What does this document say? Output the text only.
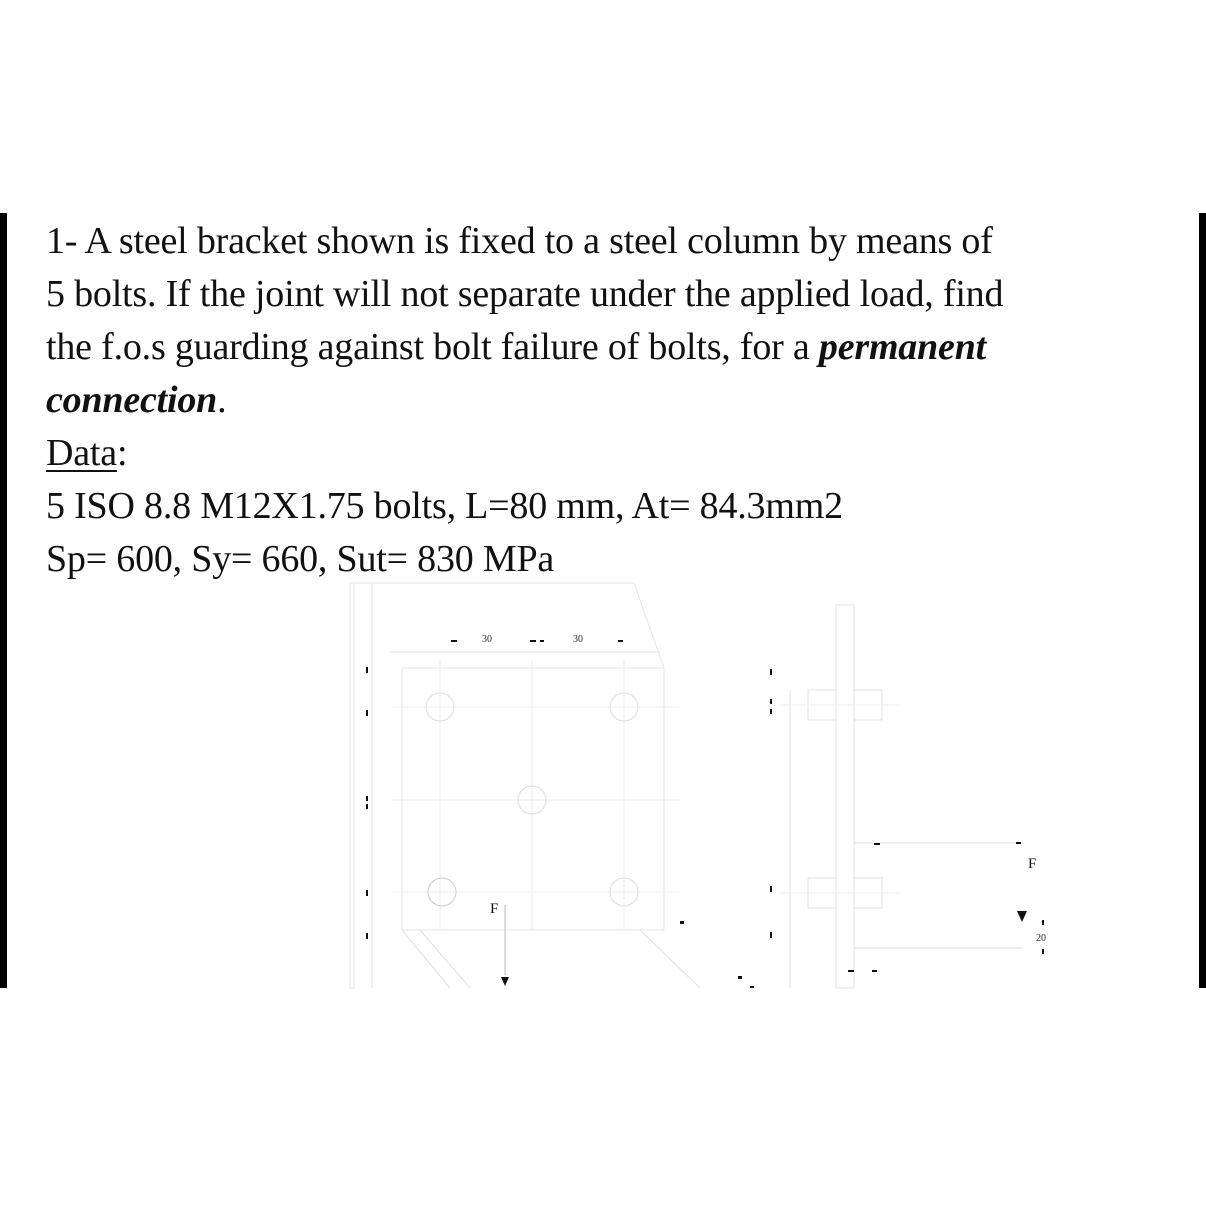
1- A steel bracket shown is fixed to a steel column by means of
5 bolts. If the joint will not separate under the applied load, find
the f.o.s guarding against bolt failure of bolts, for a permanent
connection.
Data:
5 ISO 8.8 M12X1.75 bolts, L=80 mm, At= 84.3mm2
Sp= 600, Sy= 660, Sut= 830 MPa
30	30
F
F
20
